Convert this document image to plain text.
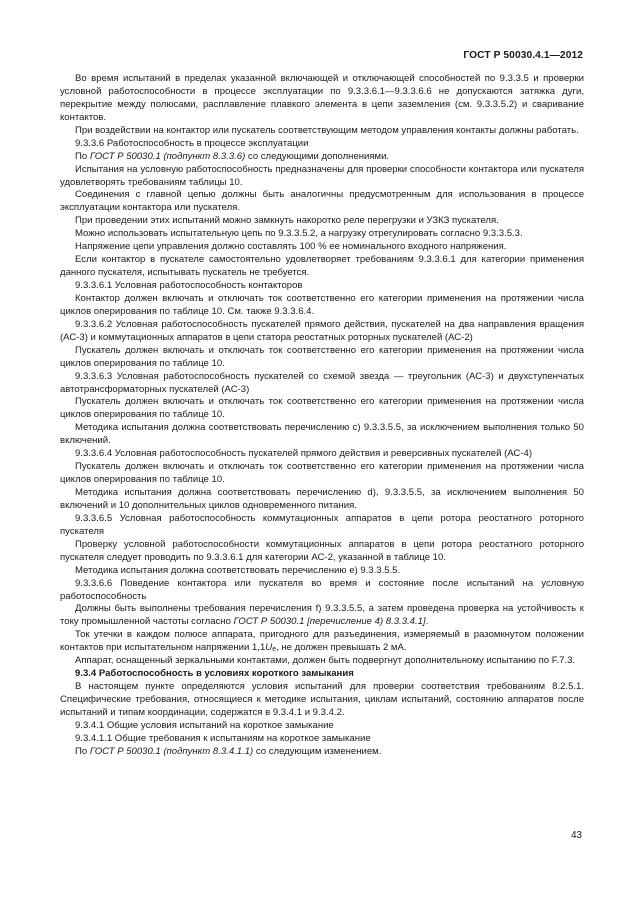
ГОСТ Р 50030.4.1—2012

Во время испытаний в пределах указанной включающей и отключающей способностей по 9.3.3.5 и проверки условной работоспособности в процессе эксплуатации по 9.3.3.6.1—9.3.3.6.6 не допускаются затяжка дуги, перекрытие между полюсами, расплавление плавкого элемента в цепи заземления (см. 9.3.3.5.2) и сваривание контактов.

При воздействии на контактор или пускатель соответствующим методом управления контакты должны работать.

9.3.3.6 Работоспособность в процессе эксплуатации

По ГОСТ Р 50030.1 (подпункт 8.3.3.6) со следующими дополнениями.

Испытания на условную работоспособность предназначены для проверки способности контактора или пускателя удовлетворять требованиям таблицы 10.

Соединения с главной цепью должны быть аналогичны предусмотренным для использования в процессе эксплуатации контактора или пускателя.

При проведении этих испытаний можно замкнуть накоротко реле перегрузки и УЗКЗ пускателя.

Можно использовать испытательную цепь по 9.3.3.5.2, а нагрузку отрегулировать согласно 9.3.3.5.3.

Напряжение цепи управления должно составлять 100 % ее номинального входного напряжения.

Если контактор в пускателе самостоятельно удовлетворяет требованиям 9.3.3.6.1 для категории применения данного пускателя, испытывать пускатель не требуется.

9.3.3.6.1 Условная работоспособность контакторов

Контактор должен включать и отключать ток соответственно его категории применения на протяжении числа циклов оперирования по таблице 10. См. также 9.3.3.6.4.

9.3.3.6.2 Условная работоспособность пускателей прямого действия, пускателей на два направления вращения (АС-3) и коммутационных аппаратов в цепи статора реостатных роторных пускателей (АС-2)

Пускатель должен включать и отключать ток соответственно его категории применения на протяжении числа циклов оперирования по таблице 10.

9.3.3.6.3 Условная работоспособность пускателей со схемой звезда — треугольник (АС-3) и двухступенчатых автотрансформаторных пускателей (АС-3)

Пускатель должен включать и отключать ток соответственно его категории применения на протяжении числа циклов оперирования по таблице 10.

Методика испытания должна соответствовать перечислению с) 9.3.3.5.5, за исключением выполнения только 50 включений.

9.3.3.6.4 Условная работоспособность пускателей прямого действия и реверсивных пускателей (АС-4)

Пускатель должен включать и отключать ток соответственно его категории применения на протяжении числа циклов оперирования по таблице 10.

Методика испытания должна соответствовать перечислению d), 9.3.3.5.5, за исключением выполнения 50 включений и 10 дополнительных циклов одновременного питания.

9.3.3.6.5 Условная работоспособность коммутационных аппаратов в цепи ротора реостатного роторного пускателя

Проверку условной работоспособности коммутационных аппаратов в цепи ротора реостатного роторного пускателя следует проводить по 9.3.3.6.1 для категории АС-2, указанной в таблице 10.

Методика испытания должна соответствовать перечислению е) 9.3.3.5.5.

9.3.3.6.6 Поведение контактора или пускателя во время и состояние после испытаний на условную работоспособность

Должны быть выполнены требования перечисления f) 9.3.3.5.5, а затем проведена проверка на устойчивость к току промышленной частоты согласно ГОСТ Р 50030.1 [перечисление 4) 8.3.3.4.1].

Ток утечки в каждом полюсе аппарата, пригодного для разъединения, измеряемый в разомкнутом положении контактов при испытательном напряжении $1,1U_e$, не должен превышать 2 мА.

Аппарат, оснащенный зеркальными контактами, должен быть подвергнут дополнительному испытанию по F.7.3.

9.3.4 Работоспособность в условиях короткого замыкания

В настоящем пункте определяются условия испытаний для проверки соответствия требованиям 8.2.5.1. Специфические требования, относящиеся к методике испытания, циклам испытаний, состоянию аппаратов после испытаний и типам координации, содержатся в 9.3.4.1 и 9.3.4.2.

9.3.4.1 Общие условия испытаний на короткое замыкание

9.3.4.1.1 Общие требования к испытаниям на короткое замыкание

По ГОСТ Р 50030.1 (подпункт 8.3.4.1.1) со следующим изменением.

43
